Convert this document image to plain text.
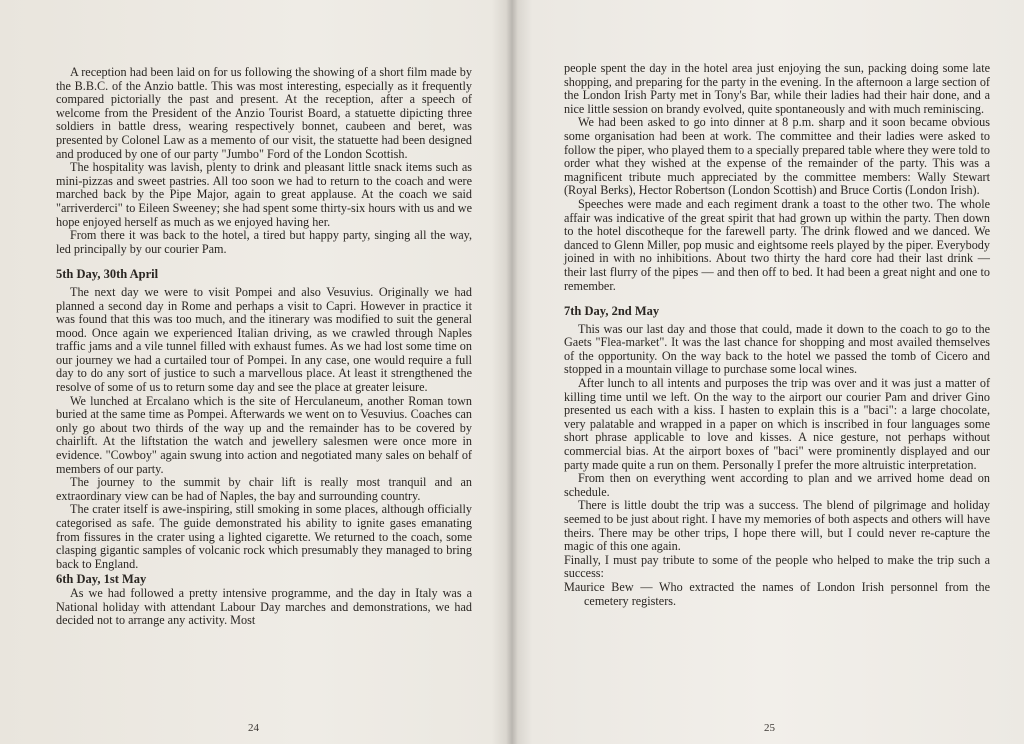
A reception had been laid on for us following the showing of a short film made by the B.B.C. of the Anzio battle. This was most interesting, especially as it frequently compared pictorially the past and present. At the reception, after a speech of welcome from the President of the Anzio Tourist Board, a statuette dipicting three soldiers in battle dress, wearing respectively bonnet, caubeen and beret, was presented by Colonel Law as a memento of our visit, the statuette had been designed and produced by one of our party "Jumbo" Ford of the London Scottish.

The hospitality was lavish, plenty to drink and pleasant little snack items such as mini-pizzas and sweet pastries. All too soon we had to return to the coach and were marched back by the Pipe Major, again to great applause. At the coach we said "arriverderci" to Eileen Sweeney; she had spent some thirty-six hours with us and we hope enjoyed herself as much as we enjoyed having her.

From there it was back to the hotel, a tired but happy party, singing all the way, led principally by our courier Pam.

5th Day, 30th April

The next day we were to visit Pompei and also Vesuvius. Originally we had planned a second day in Rome and perhaps a visit to Capri. However in practice it was found that this was too much, and the itinerary was modified to suit the general mood. Once again we experienced Italian driving, as we crawled through Naples traffic jams and a vile tunnel filled with exhaust fumes. As we had lost some time on our journey we had a curtailed tour of Pompei. In any case, one would require a full day to do any sort of justice to such a marvellous place. At least it strengthened the resolve of some of us to return some day and see the place at greater leisure.

We lunched at Ercalano which is the site of Herculaneum, another Roman town buried at the same time as Pompei. Afterwards we went on to Vesuvius. Coaches can only go about two thirds of the way up and the remainder has to be covered by chairlift. At the liftstation the watch and jewellery salesmen were once more in evidence. "Cowboy" again swung into action and negotiated many sales on behalf of members of our party.

The journey to the summit by chair lift is really most tranquil and an extraordinary view can be had of Naples, the bay and surrounding country.

The crater itself is awe-inspiring, still smoking in some places, although officially categorised as safe. The guide demonstrated his ability to ignite gases emanating from fissures in the crater using a lighted cigarette. We returned to the coach, some clasping gigantic samples of volcanic rock which presumably they managed to bring back to England.

6th Day, 1st May

As we had followed a pretty intensive programme, and the day in Italy was a National holiday with attendant Labour Day marches and demonstrations, we had decided not to arrange any activity. Most

24

people spent the day in the hotel area just enjoying the sun, packing doing some late shopping, and preparing for the party in the evening. In the afternoon a large section of the London Irish Party met in Tony's Bar, while their ladies had their hair done, and a nice little session on brandy evolved, quite spontaneously and with much reminiscing.

We had been asked to go into dinner at 8 p.m. sharp and it soon became obvious some organisation had been at work. The committee and their ladies were asked to follow the piper, who played them to a specially prepared table where they were told to order what they wished at the expense of the remainder of the party. This was a magnificent tribute much appreciated by the committee members: Wally Stewart (Royal Berks), Hector Robertson (London Scottish) and Bruce Cortis (London Irish).

Speeches were made and each regiment drank a toast to the other two. The whole affair was indicative of the great spirit that had grown up within the party. Then down to the hotel discotheque for the farewell party. The drink flowed and we danced. We danced to Glenn Miller, pop music and eightsome reels played by the piper. Everybody joined in with no inhibitions. About two thirty the hard core had their last drink — their last flurry of the pipes — and then off to bed. It had been a great night and one to remember.

7th Day, 2nd May

This was our last day and those that could, made it down to the coach to go to the Gaets "Flea-market". It was the last chance for shopping and most availed themselves of the opportunity. On the way back to the hotel we passed the tomb of Cicero and stopped in a mountain village to purchase some local wines.

After lunch to all intents and purposes the trip was over and it was just a matter of killing time until we left. On the way to the airport our courier Pam and driver Gino presented us each with a kiss. I hasten to explain this is a "baci": a large chocolate, very palatable and wrapped in a paper on which is inscribed in four languages some short phrase applicable to love and kisses. A nice gesture, not perhaps without commercial bias. At the airport boxes of "baci" were prominently displayed and our party made quite a run on them. Personally I prefer the more altruistic interpretation.

From then on everything went according to plan and we arrived home dead on schedule.

There is little doubt the trip was a success. The blend of pilgrimage and holiday seemed to be just about right. I have my memories of both aspects and others will have theirs. There may be other trips, I hope there will, but I could never re-capture the magic of this one again.

Finally, I must pay tribute to some of the people who helped to make the trip such a success:

Maurice Bew — Who extracted the names of London Irish personnel from the cemetery registers.

25
